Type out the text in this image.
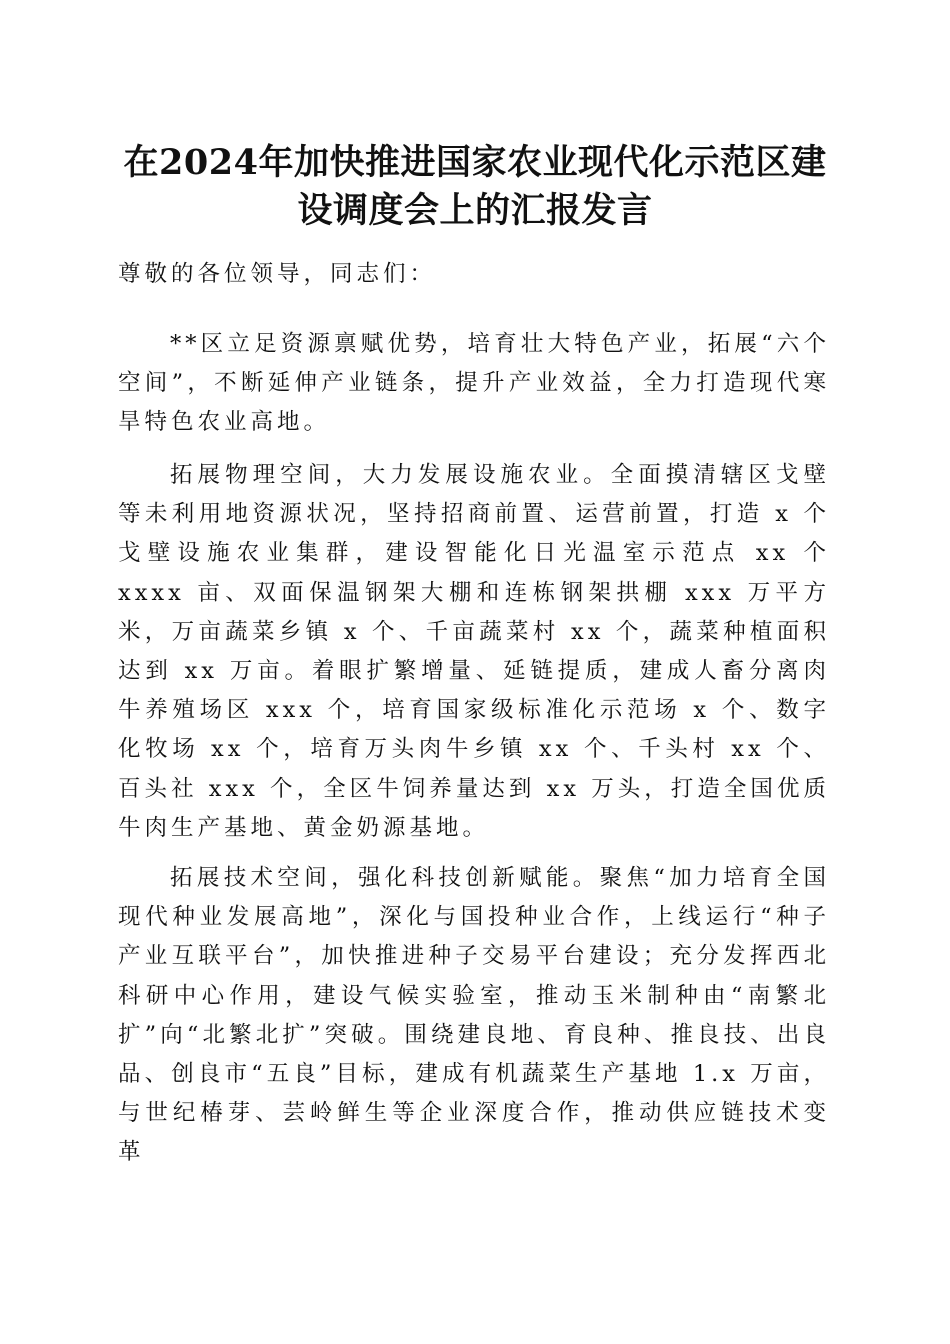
在2024年加快推进国家农业现代化示范区建
设调度会上的汇报发言

尊敬的各位领导，同志们：

**区立足资源禀赋优势，培育壮大特色产业，拓展“六个空间”，不断延伸产业链条，提升产业效益，全力打造现代寒旱特色农业高地。

拓展物理空间，大力发展设施农业。全面摸清辖区戈壁等未利用地资源状况，坚持招商前置、运营前置，打造 x 个戈壁设施农业集群，建设智能化日光温室示范点 xx 个 xxxx 亩、双面保温钢架大棚和连栋钢架拱棚 xxx 万平方米，万亩蔬菜乡镇 x 个、千亩蔬菜村 xx 个，蔬菜种植面积达到 xx 万亩。着眼扩繁增量、延链提质，建成人畜分离肉牛养殖场区 xxx 个，培育国家级标准化示范场 x 个、数字化牧场 xx 个，培育万头肉牛乡镇 xx 个、千头村 xx 个、百头社 xxx 个，全区牛饲养量达到 xx 万头，打造全国优质牛肉生产基地、黄金奶源基地。

拓展技术空间，强化科技创新赋能。聚焦“加力培育全国现代种业发展高地”，深化与国投种业合作，上线运行“种子产业互联平台”，加快推进种子交易平台建设；充分发挥西北科研中心作用，建设气候实验室，推动玉米制种由“南繁北扩”向“北繁北扩”突破。围绕建良地、育良种、推良技、出良品、创良市“五良”目标，建成有机蔬菜生产基地 1.x 万亩，与世纪椿芽、芸岭鲜生等企业深度合作，推动供应链技术变革
